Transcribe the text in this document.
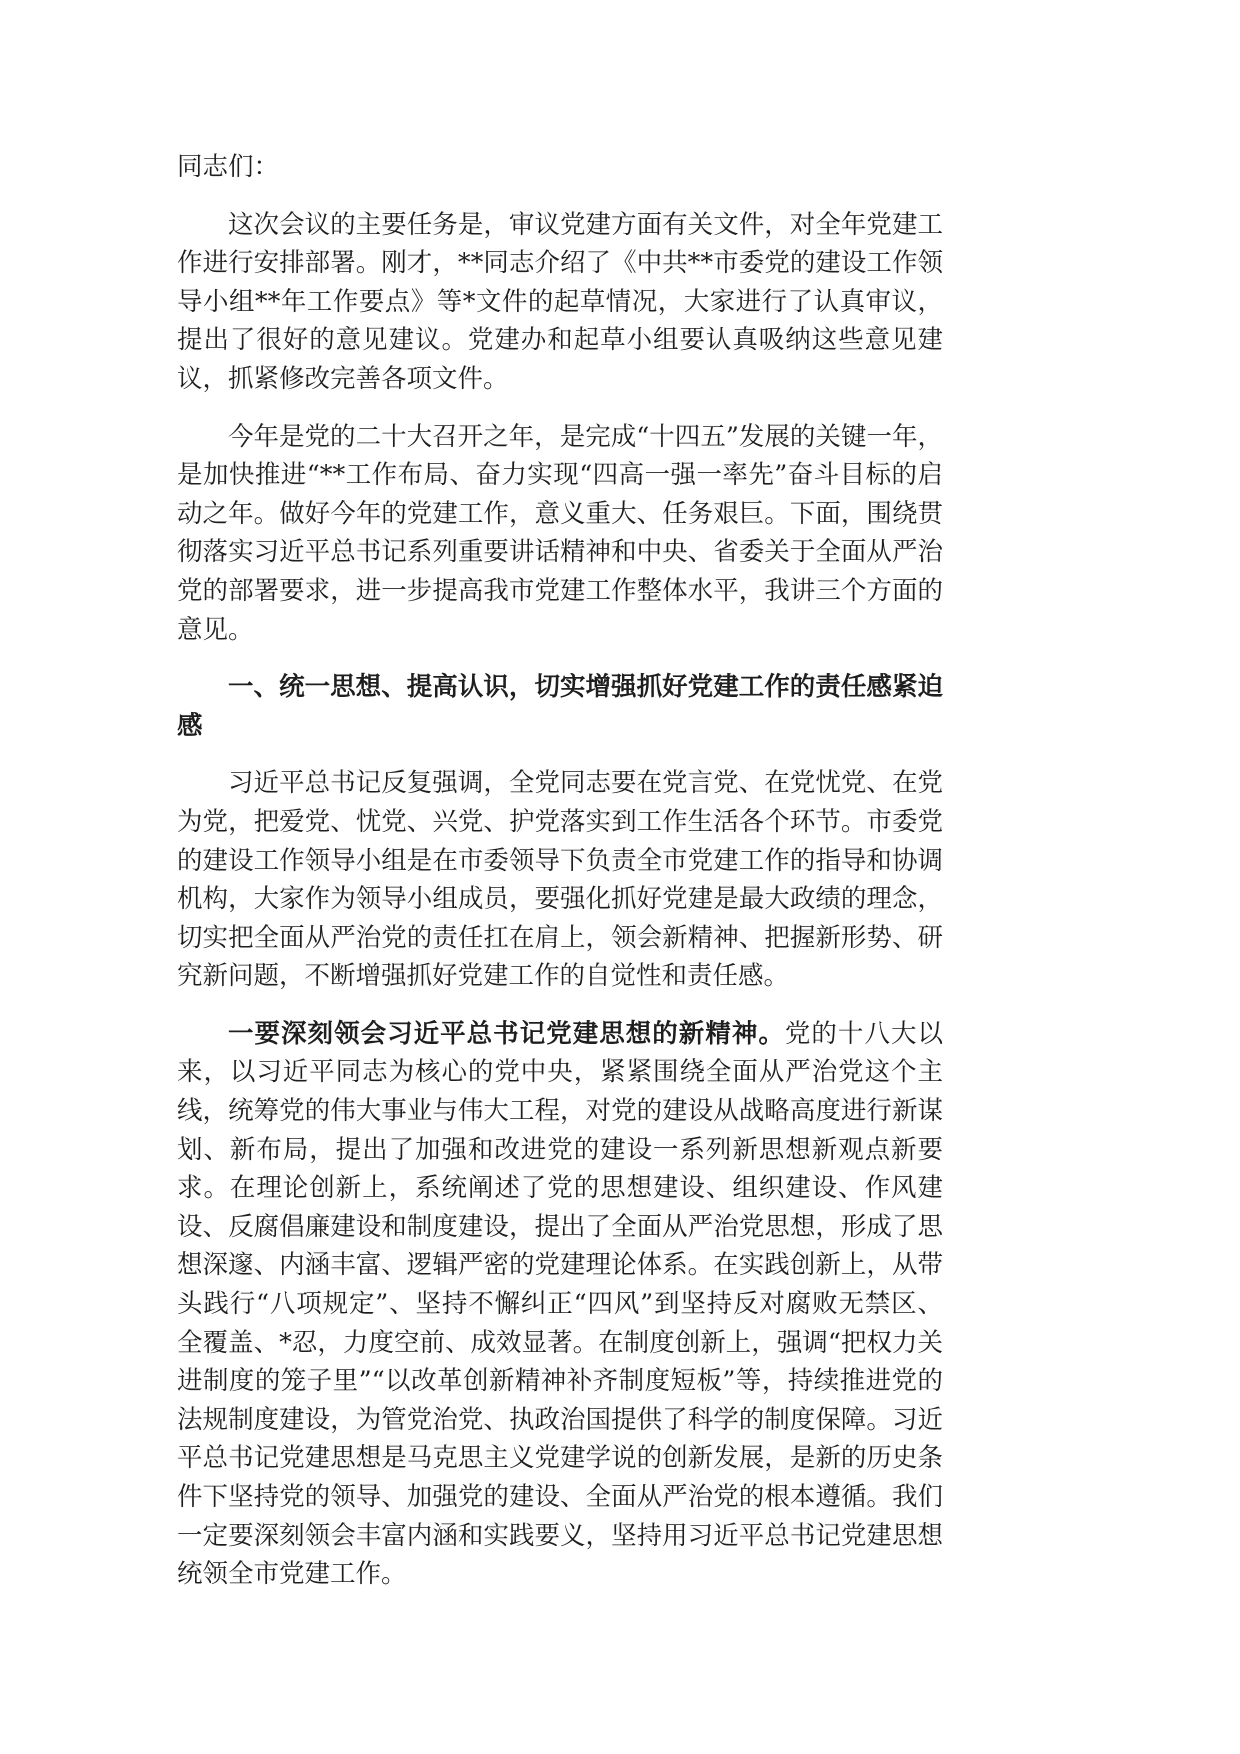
同志们：

这次会议的主要任务是，审议党建方面有关文件，对全年党建工作进行安排部署。刚才，**同志介绍了《中共**市委党的建设工作领导小组**年工作要点》等*文件的起草情况，大家进行了认真审议，提出了很好的意见建议。党建办和起草小组要认真吸纳这些意见建议，抓紧修改完善各项文件。

今年是党的二十大召开之年，是完成“十四五”发展的关键一年，是加快推进“**工作布局、奋力实现“四高一强一率先”奋斗目标的启动之年。做好今年的党建工作，意义重大、任务艰巨。下面，围绕贯彻落实习近平总书记系列重要讲话精神和中央、省委关于全面从严治党的部署要求，进一步提高我市党建工作整体水平，我讲三个方面的意见。

一、统一思想、提高认识，切实增强抓好党建工作的责任感紧迫感

习近平总书记反复强调，全党同志要在党言党、在党忧党、在党为党，把爱党、忧党、兴党、护党落实到工作生活各个环节。市委党的建设工作领导小组是在市委领导下负责全市党建工作的指导和协调机构，大家作为领导小组成员，要强化抓好党建是最大政绩的理念，切实把全面从严治党的责任扛在肩上，领会新精神、把握新形势、研究新问题，不断增强抓好党建工作的自觉性和责任感。

一要深刻领会习近平总书记党建思想的新精神。党的十八大以来，以习近平同志为核心的党中央，紧紧围绕全面从严治党这个主线，统筹党的伟大事业与伟大工程，对党的建设从战略高度进行新谋划、新布局，提出了加强和改进党的建设一系列新思想新观点新要求。在理论创新上，系统阐述了党的思想建设、组织建设、作风建设、反腐倡廉建设和制度建设，提出了全面从严治党思想，形成了思想深邃、内涵丰富、逻辑严密的党建理论体系。在实践创新上，从带头践行“八项规定”、坚持不懈纠正“四风”到坚持反对腐败无禁区、全覆盖、*忍，力度空前、成效显著。在制度创新上，强调“把权力关进制度的笼子里”“以改革创新精神补齐制度短板”等，持续推进党的法规制度建设，为管党治党、执政治国提供了科学的制度保障。习近平总书记党建思想是马克思主义党建学说的创新发展，是新的历史条件下坚持党的领导、加强党的建设、全面从严治党的根本遵循。我们一定要深刻领会丰富内涵和实践要义，坚持用习近平总书记党建思想统领全市党建工作。
